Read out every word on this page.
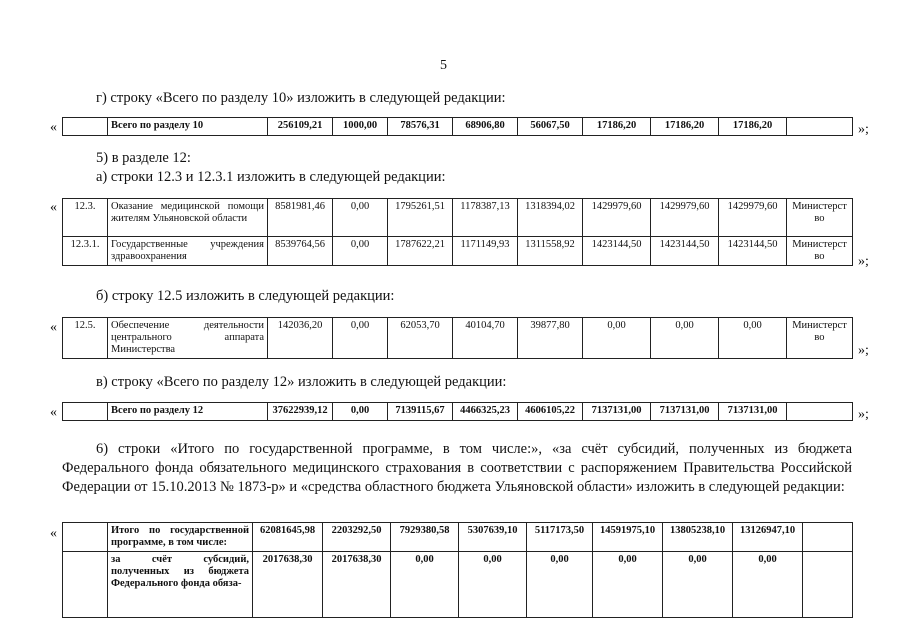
5
г) строку «Всего по разделу 10» изложить в следующей редакции:
«
		Всего по разделу 10	256109,21	1000,00	78576,31	68906,80	56067,50	17186,20	17186,20	17186,20		»;
5) в разделе 12:
а) строки 12.3 и 12.3.1 изложить в следующей редакции:
« 12.3.	Оказание медицинской помощи жителям Ульяновской области	8581981,46	0,00	1795261,51	1178387,13	1318394,02	1429979,60	1429979,60	1429979,60	Министерство
12.3.1.	Государственные учреждения здравоохранения	8539764,56	0,00	1787622,21	1171149,93	1311558,92	1423144,50	1423144,50	1423144,50	Министерство »;
б) строку 12.5 изложить в следующей редакции:
« 12.5.	Обеспечение деятельности центрального аппарата Министерства	142036,20	0,00	62053,70	40104,70	39877,80	0,00	0,00	0,00	Министерство
»;
в) строку «Всего по разделу 12» изложить в следующей редакции:
«
		Всего по разделу 12	37622939,12	0,00	7139115,67	4466325,23	4606105,22	7137131,00	7137131,00	7137131,00		»;
6) строки «Итого по государственной программе, в том числе:», «за счёт субсидий, полученных из бюджета Федерального фонда обязательного медицинского страхования в соответствии с распоряжением Правительства Российской Федерации от 15.10.2013 № 1873-р» и «средства областного бюджета Ульяновской области» изложить в следующей редакции:
«
		Итого по государственной программе, в том числе:	62081645,98	2203292,50	7929380,58	5307639,10	5117173,50	14591975,10	13805238,10	13126947,10	
	за счёт субсидий, полученных из бюджета Федерального фонда обяза-	2017638,30	2017638,30	0,00	0,00	0,00	0,00	0,00	0,00	
